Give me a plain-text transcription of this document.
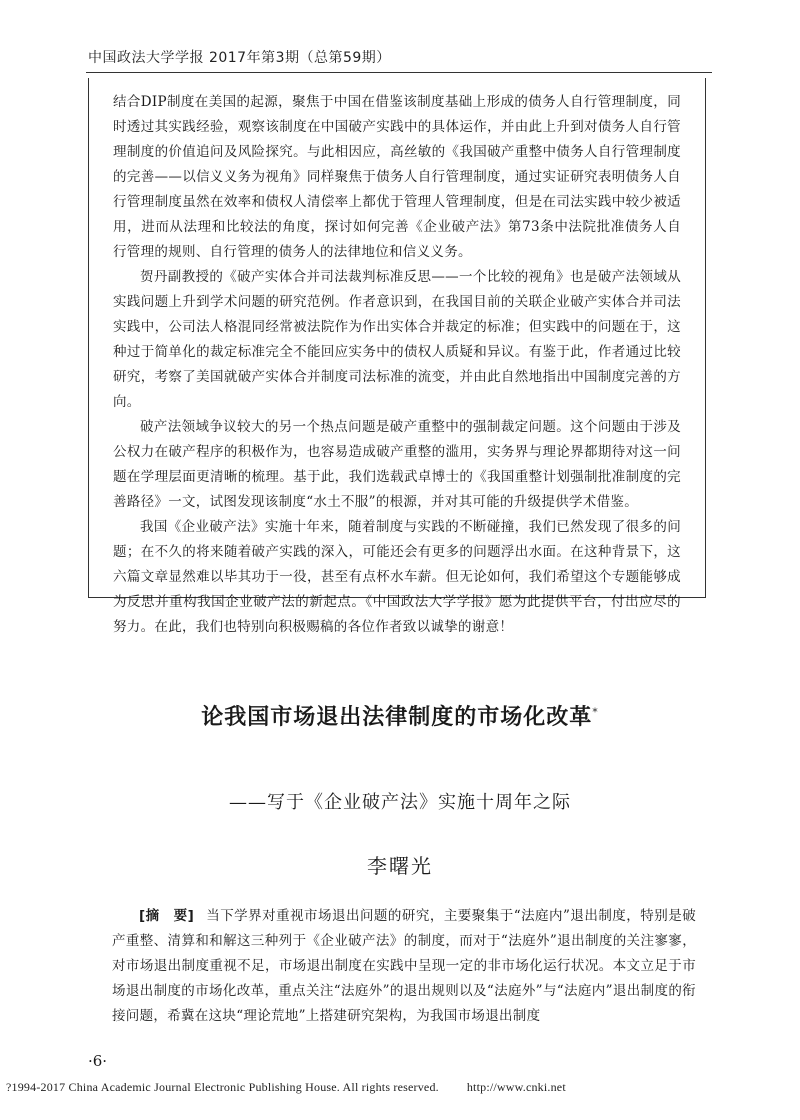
中国政法大学学报 2017年第3期（总第59期）

结合DIP制度在美国的起源，聚焦于中国在借鉴该制度基础上形成的债务人自行管理制度，同时透过其实践经验，观察该制度在中国破产实践中的具体运作，并由此上升到对债务人自行管理制度的价值追问及风险探究。与此相因应，高丝敏的《我国破产重整中债务人自行管理制度的完善——以信义义务为视角》同样聚焦于债务人自行管理制度，通过实证研究表明债务人自行管理制度虽然在效率和债权人清偿率上都优于管理人管理制度，但是在司法实践中较少被适用，进而从法理和比较法的角度，探讨如何完善《企业破产法》第73条中法院批准债务人自行管理的规则、自行管理的债务人的法律地位和信义义务。

贺丹副教授的《破产实体合并司法裁判标准反思——一个比较的视角》也是破产法领域从实践问题上升到学术问题的研究范例。作者意识到，在我国目前的关联企业破产实体合并司法实践中，公司法人格混同经常被法院作为作出实体合并裁定的标准；但实践中的问题在于，这种过于简单化的裁定标准完全不能回应实务中的债权人质疑和异议。有鉴于此，作者通过比较研究，考察了美国就破产实体合并制度司法标准的流变，并由此自然地指出中国制度完善的方向。

破产法领域争议较大的另一个热点问题是破产重整中的强制裁定问题。这个问题由于涉及公权力在破产程序的积极作为，也容易造成破产重整的滥用，实务界与理论界都期待对这一问题在学理层面更清晰的梳理。基于此，我们选载武卓博士的《我国重整计划强制批准制度的完善路径》一文，试图发现该制度“水土不服”的根源，并对其可能的升级提供学术借鉴。

我国《企业破产法》实施十年来，随着制度与实践的不断碰撞，我们已然发现了很多的问题；在不久的将来随着破产实践的深入，可能还会有更多的问题浮出水面。在这种背景下，这六篇文章显然难以毕其功于一役，甚至有点杯水车薪。但无论如何，我们希望这个专题能够成为反思并重构我国企业破产法的新起点。《中国政法大学学报》愿为此提供平台，付出应尽的努力。在此，我们也特别向积极赐稿的各位作者致以诚挚的谢意！

论我国市场退出法律制度的市场化改革*
——写于《企业破产法》实施十周年之际
李曙光

[摘　要] 当下学界对重视市场退出问题的研究，主要聚集于“法庭内”退出制度，特别是破产重整、清算和和解这三种列于《企业破产法》的制度，而对于“法庭外”退出制度的关注寥寥，对市场退出制度重视不足，市场退出制度在实践中呈现一定的非市场化运行状况。本文立足于市场退出制度的市场化改革，重点关注“法庭外”的退出规则以及“法庭外”与“法庭内”退出制度的衔接问题，希冀在这块“理论荒地”上搭建研究架构，为我国市场退出制度

·6·
?1994-2017 China Academic Journal Electronic Publishing House. All rights reserved. http://www.cnki.net
